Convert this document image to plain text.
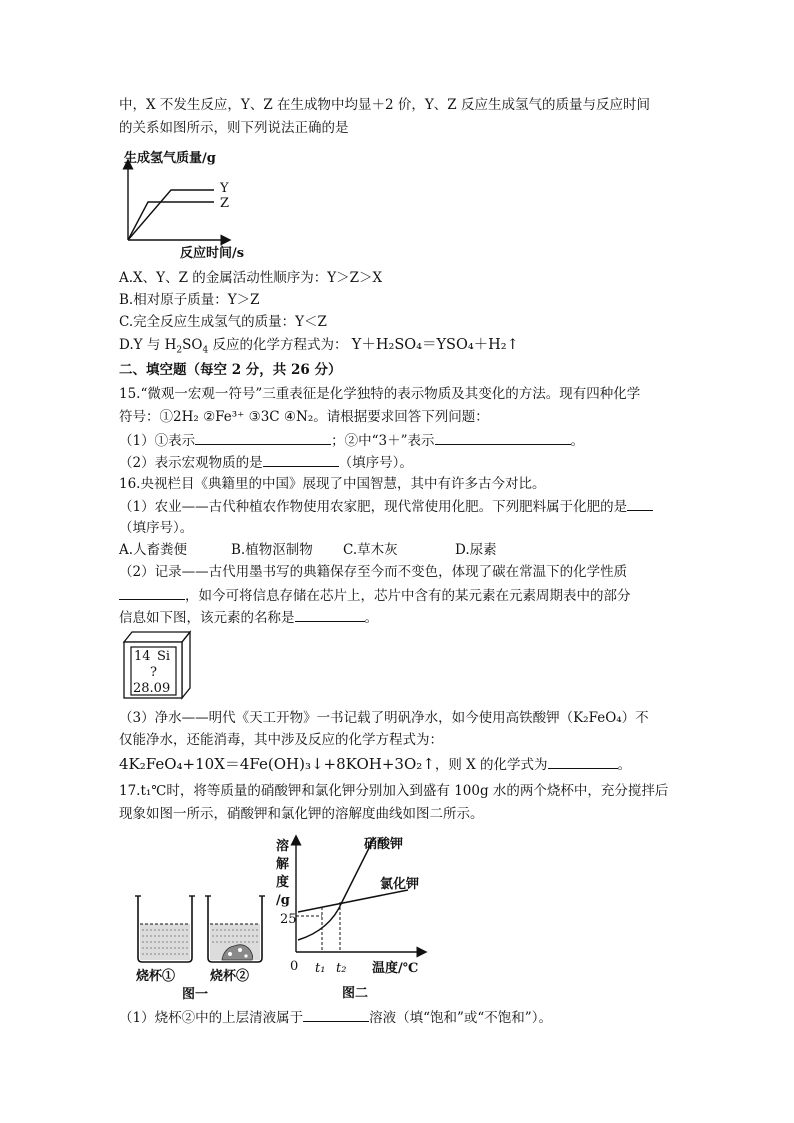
中，X 不发生反应，Y、Z 在生成物中均显＋2 价，Y、Z 反应生成氢气的质量与反应时间
的关系如图所示，则下列说法正确的是
生成氢气质量/g
Y
Z
反应时间/s
A.X、Y、Z 的金属活动性顺序为：Y＞Z＞X
B.相对原子质量：Y＞Z
C.完全反应生成氢气的质量：Y＜Z
D.Y 与 $H_2SO_4$ 反应的化学方程式为： Y＋H₂SO₄＝YSO₄＋H₂↑
二、填空题（每空 2 分，共 26 分）
15.“微观一宏观一符号”三重表征是化学独特的表示物质及其变化的方法。现有四种化学
符号：①2H₂ ②Fe³⁺ ③3C ④N₂。请根据要求回答下列问题：
（1）①表示	；②中“3＋”表示	。
（2）表示宏观物质的是	（填序号）。
16.央视栏目《典籍里的中国》展现了中国智慧，其中有许多古今对比。
（1）农业——古代种植农作物使用农家肥，现代常使用化肥。下列肥料属于化肥的是
（填序号）。
A.人畜粪便	B.植物沤制物 C.草木灰	D.尿素
（2）记录——古代用墨书写的典籍保存至今而不变色，体现了碳在常温下的化学性质
，如今可将信息存储在芯片上，芯片中含有的某元素在元素周期表中的部分
信息如下图，该元素的名称是	。
14 Si
?
28.09
（3）净水——明代《天工开物》一书记载了明矾净水，如今使用高铁酸钾（K₂FeO₄）不
仅能净水，还能消毒，其中涉及反应的化学方程式为：
4K₂FeO₄+10X＝4Fe(OH)₃↓+8KOH+3O₂↑，则 X 的化学式为	。
17.t₁℃时，将等质量的硝酸钾和氯化钾分别加入到盛有 100g 水的两个烧杯中，充分搅拌后
现象如图一所示，硝酸钾和氯化钾的溶解度曲线如图二所示。
烧杯①	烧杯②
图一
溶
解
度
/g
25
0 t₁ t₂ 温度/℃
硝酸钾
氯化钾
图二
（1）烧杯②中的上层清液属于	溶液（填“饱和”或“不饱和”）。
